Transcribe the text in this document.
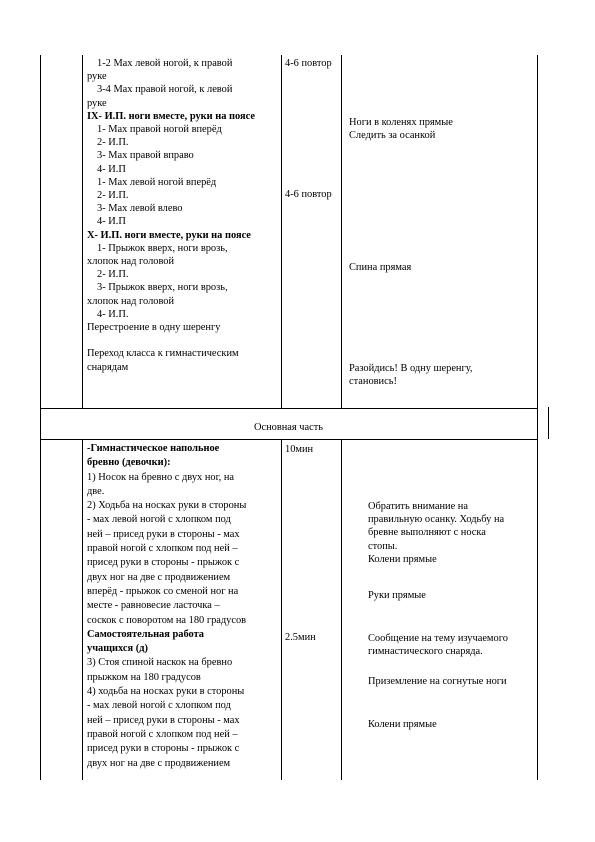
1-2 Мах левой ногой, к правой
руке
3-4 Мах правой ногой, к левой
руке
IX- И.П. ноги вместе, руки на поясе
1- Мах правой ногой вперёд
2- И.П.
3- Мах правой вправо
4- И.П
1- Мах левой ногой вперёд
2- И.П.
3- Мах левой влево
4- И.П
X- И.П. ноги вместе, руки на поясе
1- Прыжок вверх, ноги врозь,
хлопок над головой
2- И.П.
3- Прыжок вверх, ноги врозь,
хлопок над головой
4- И.П.
Перестроение в одну шеренгу
Переход класса к гимнастическим
снарядам
4-6 повтор
4-6 повтор
Ноги в коленях прямые
Следить за осанкой
Спина прямая
Разойдись! В одну шеренгу,
становись!
Основная часть
-Гимнастическое напольное
бревно (девочки):
1) Носок на бревно с двух ног, на
две.
2) Ходьба на носках руки в стороны
- мах левой ногой с хлопком под
ней – присед руки в стороны - мах
правой ногой с хлопком под ней –
присед руки в стороны - прыжок с
двух ног на две с продвижением
вперёд - прыжок со сменой ног на
месте - равновесие ласточка –
соскок с поворотом на 180 градусов
Самостоятельная работа
учащихся (д)
3) Стоя спиной наскок на бревно
прыжком на 180 градусов
4) ходьба на носках руки в стороны
- мах левой ногой с хлопком под
ней – присед руки в стороны - мах
правой ногой с хлопком под ней –
присед руки в стороны - прыжок с
двух ног на две с продвижением
10мин
2.5мин
Обратить внимание на
правильную осанку. Ходьбу на
бревне выполняют с носка
стопы.
Колени прямые
Руки прямые
Сообщение на тему изучаемого
гимнастического снаряда.
Приземление на согнутые ноги
Колени прямые
